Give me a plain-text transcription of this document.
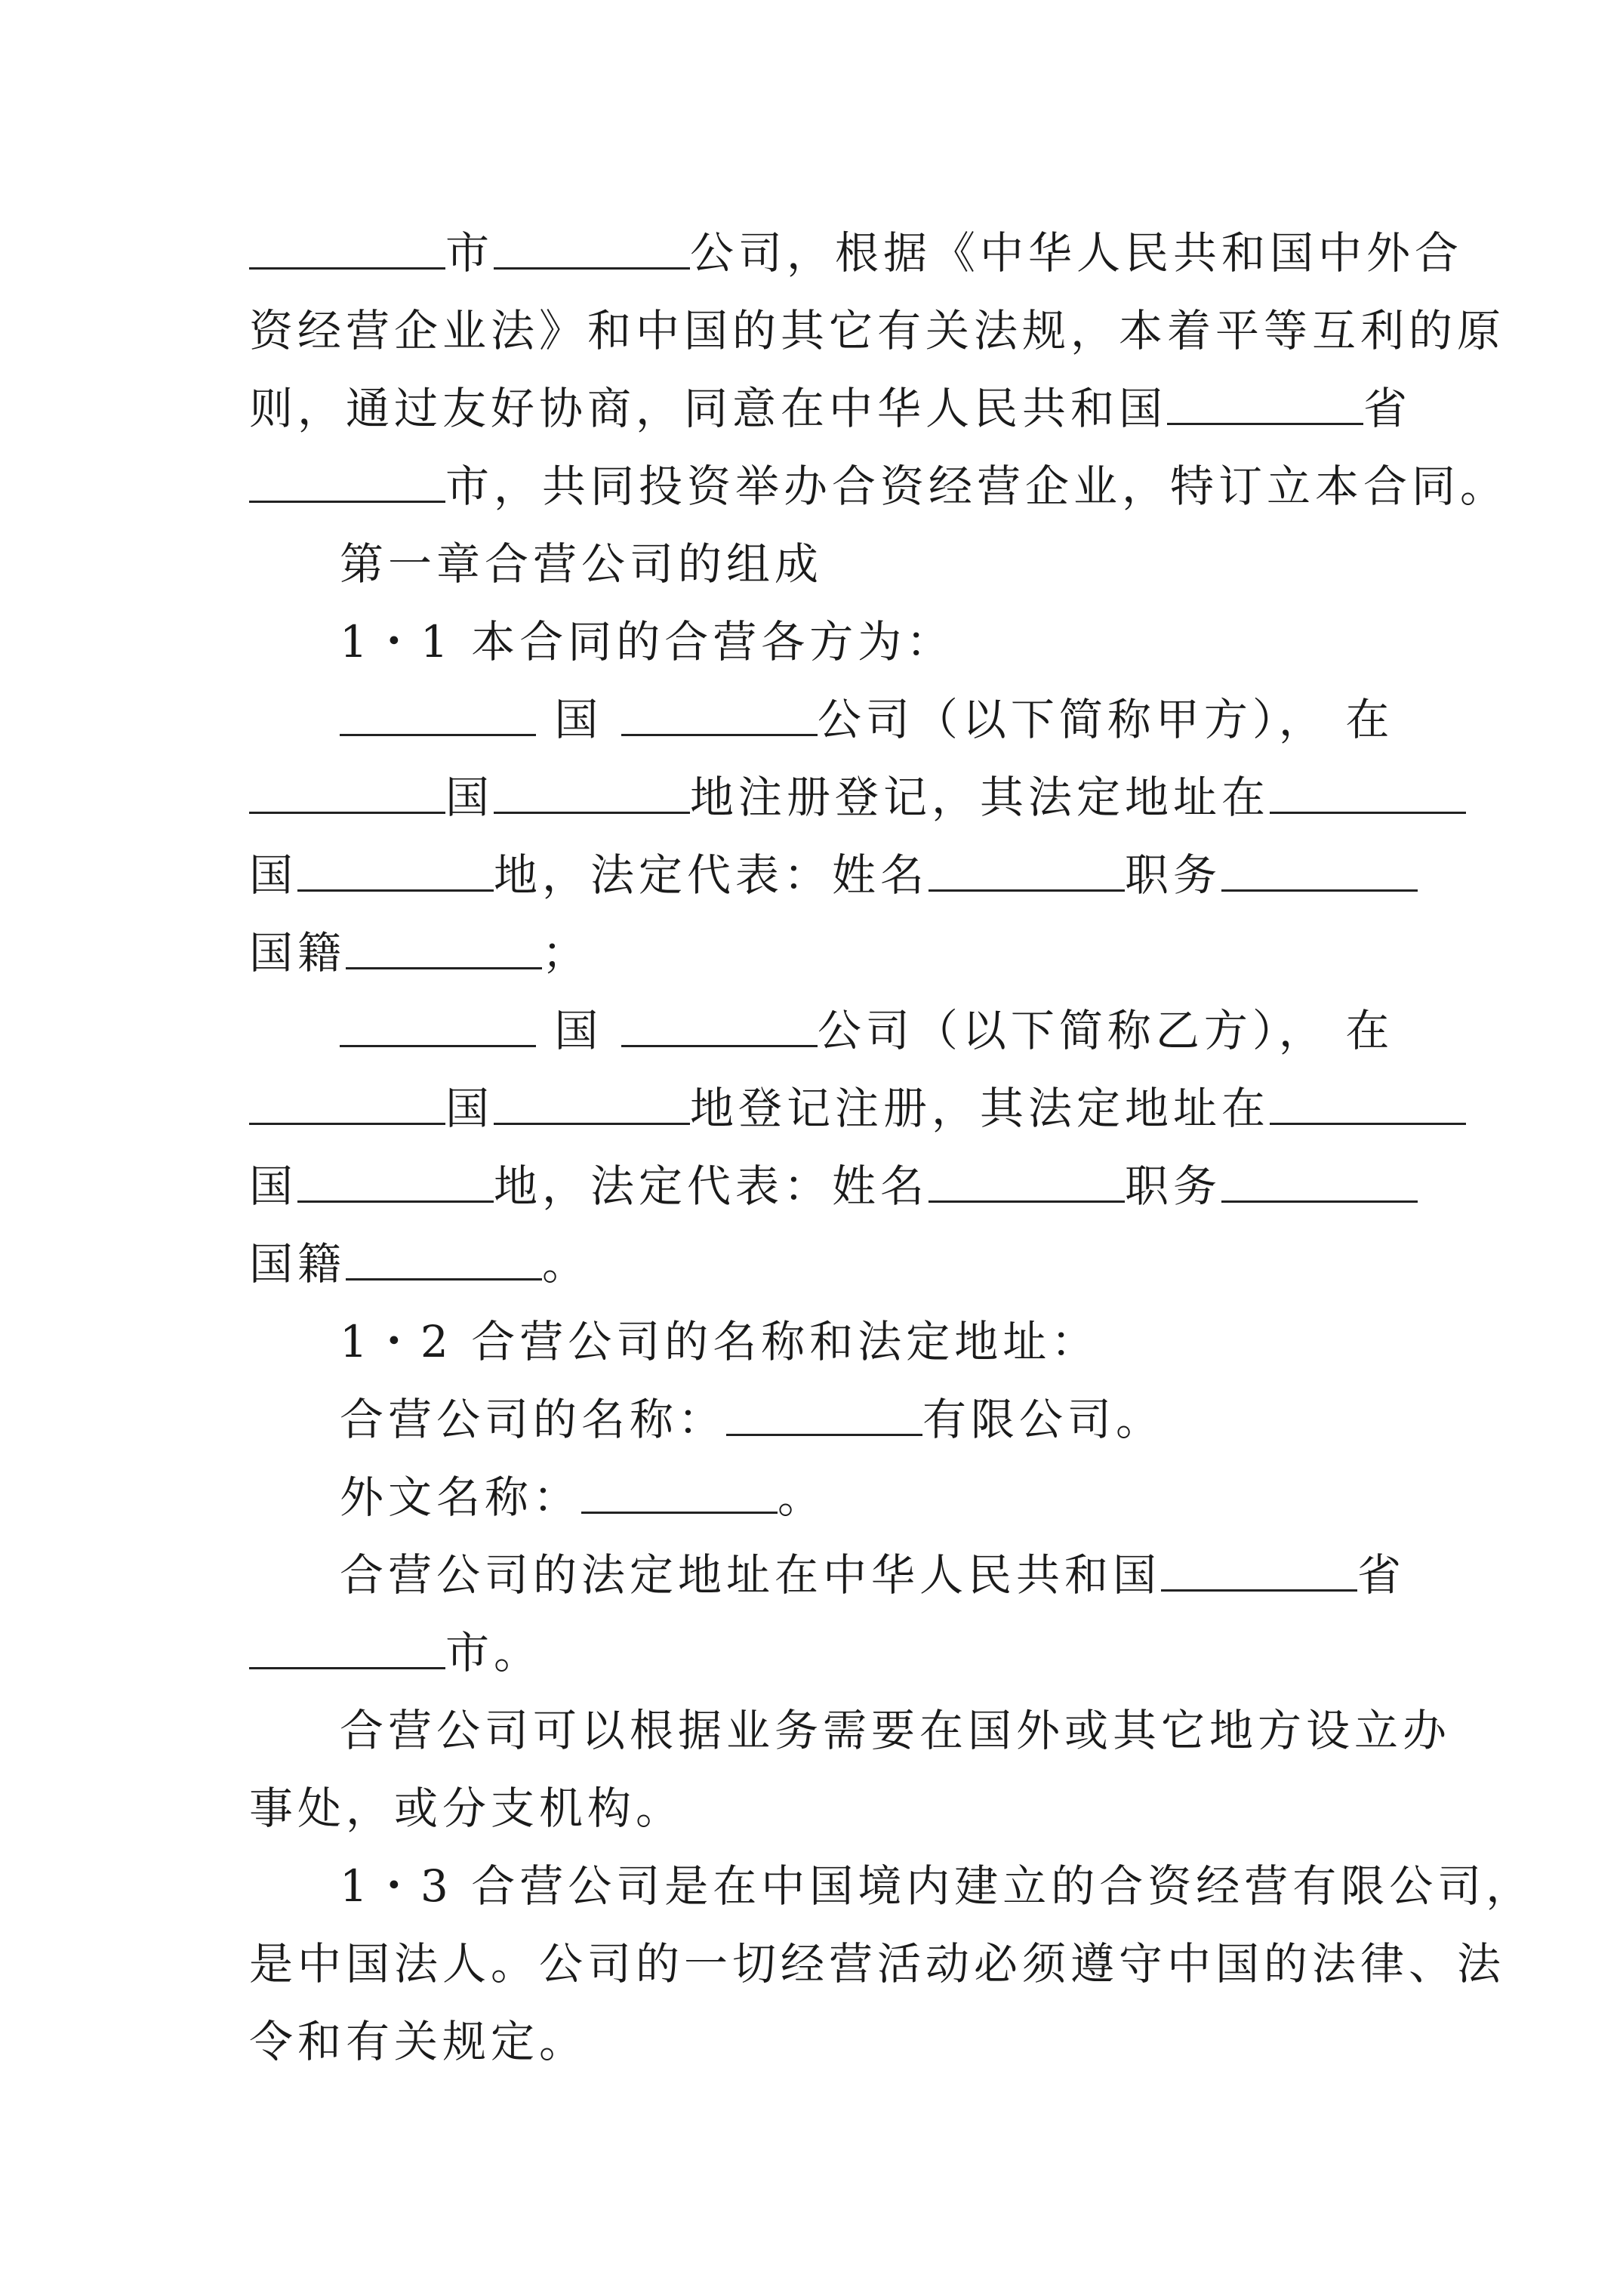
市	公司，根据《中华人民共和国中外合
资经营企业法》和中国的其它有关法规，本着平等互利的原
则，通过友好协商，同意在中华人民共和国	省
市，共同投资举办合资经营企业，特订立本合同。
第一章合营公司的组成
1・1 本合同的合营各方为：
国	公司（以下简称甲方）， 在
国	地注册登记，其法定地址在
国	地，法定代表：姓名	职务
国籍	；
国	公司（以下简称乙方）， 在
国	地登记注册，其法定地址在
国	地，法定代表：姓名	职务
国籍	。
1・2 合营公司的名称和法定地址：
合营公司的名称：	有限公司。
外文名称：	。
合营公司的法定地址在中华人民共和国	省
市。
合营公司可以根据业务需要在国外或其它地方设立办
事处，或分支机构。
1・3 合营公司是在中国境内建立的合资经营有限公司，
是中国法人。公司的一切经营活动必须遵守中国的法律、法
令和有关规定。
